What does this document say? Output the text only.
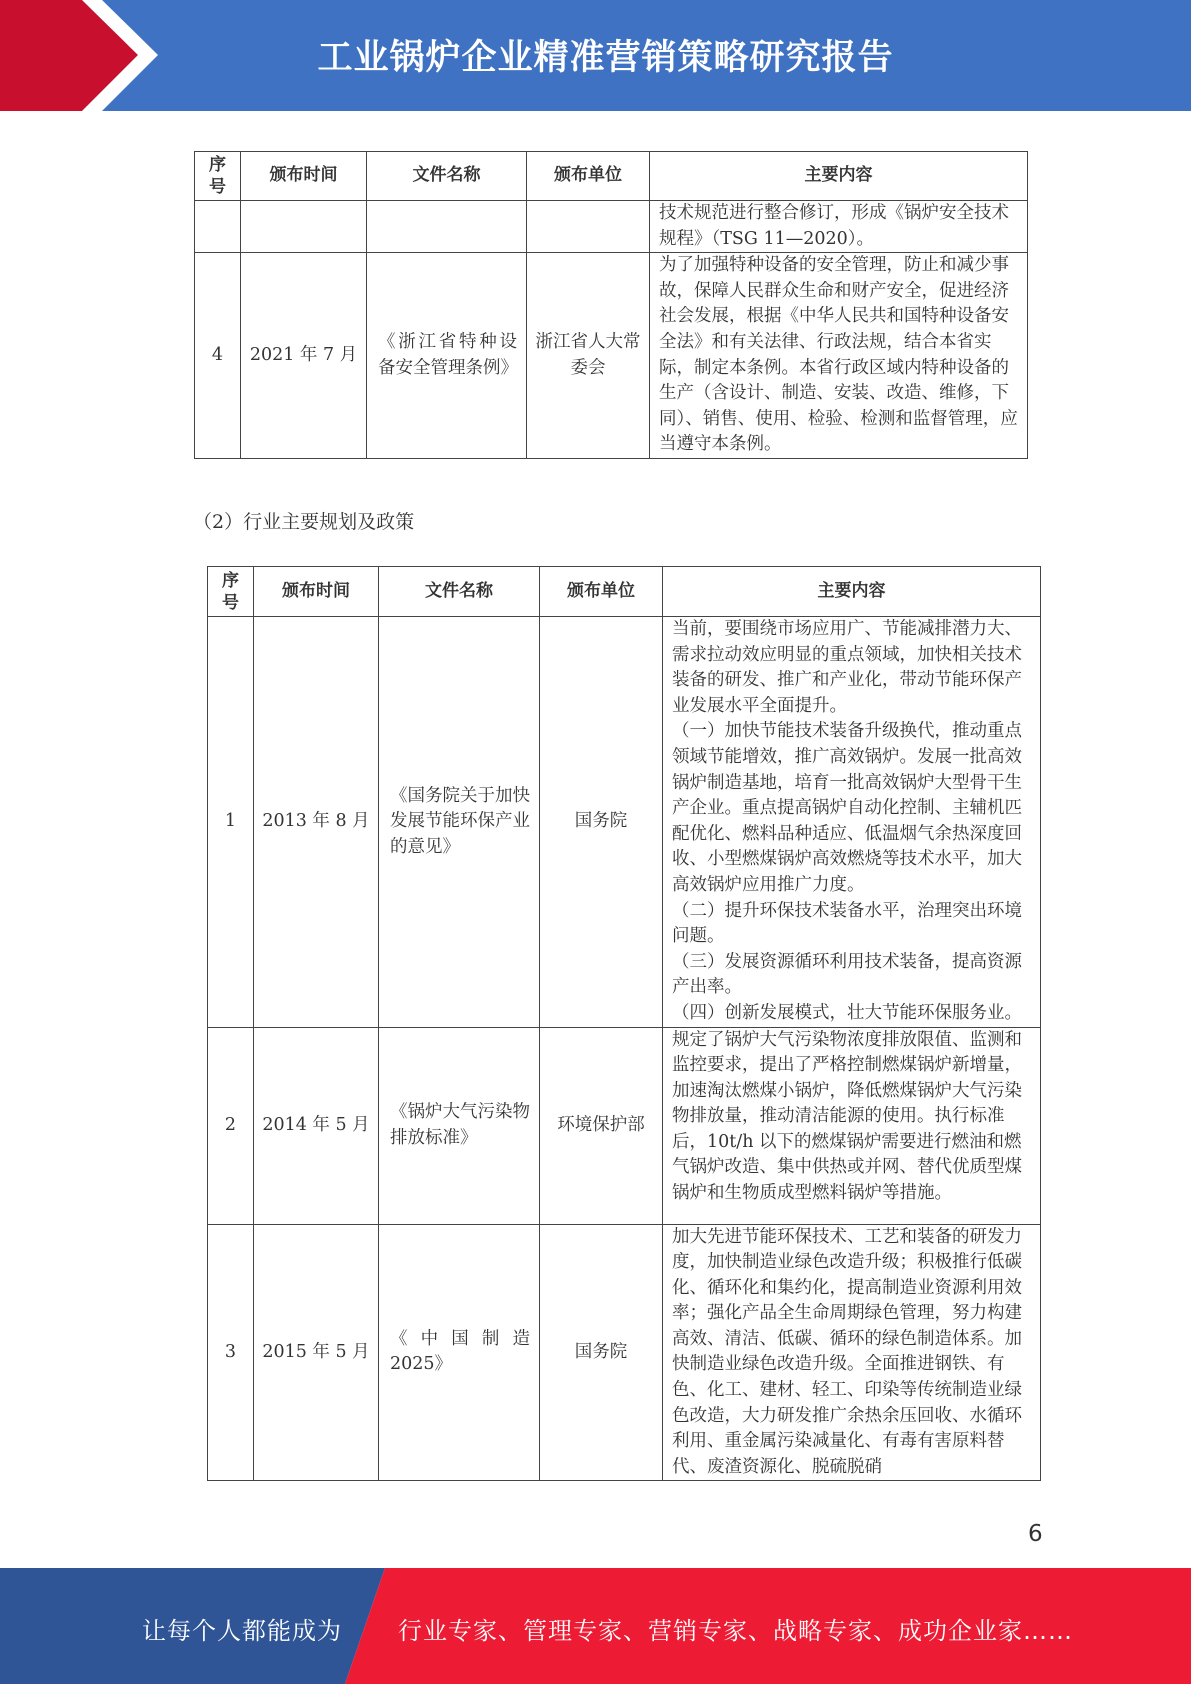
工业锅炉企业精准营销策略研究报告
序
号	颁布时间	文件名称	颁布单位	主要内容
				技术规范进行整合修订，形成《锅炉安全技术规程》（TSG 11—2020）。
4	2021 年 7 月	《浙江省特种设备安全管理条例》	浙江省人大常委会	为了加强特种设备的安全管理，防止和减少事故，保障人民群众生命和财产安全，促进经济社会发展，根据《中华人民共和国特种设备安全法》和有关法律、行政法规，结合本省实际，制定本条例。本省行政区域内特种设备的生产（含设计、制造、安装、改造、维修，下同）、销售、使用、检验、检测和监督管理，应当遵守本条例。
（2）行业主要规划及政策
序
号	颁布时间	文件名称	颁布单位	主要内容
1	2013 年 8 月	《国务院关于加快发展节能环保产业的意见》	国务院	当前，要围绕市场应用广、节能减排潜力大、需求拉动效应明显的重点领域，加快相关技术装备的研发、推广和产业化，带动节能环保产业发展水平全面提升。
（一）加快节能技术装备升级换代，推动重点领域节能增效，推广高效锅炉。发展一批高效锅炉制造基地，培育一批高效锅炉大型骨干生产企业。重点提高锅炉自动化控制、主辅机匹配优化、燃料品种适应、低温烟气余热深度回收、小型燃煤锅炉高效燃烧等技术水平，加大高效锅炉应用推广力度。
（二）提升环保技术装备水平，治理突出环境问题。
（三）发展资源循环利用技术装备，提高资源产出率。
（四）创新发展模式，壮大节能环保服务业。
2	2014 年 5 月	《锅炉大气污染物排放标准》	环境保护部	规定了锅炉大气污染物浓度排放限值、监测和监控要求，提出了严格控制燃煤锅炉新增量，加速淘汰燃煤小锅炉，降低燃煤锅炉大气污染物排放量，推动清洁能源的使用。执行标准后，10t/h 以下的燃煤锅炉需要进行燃油和燃气锅炉改造、集中供热或并网、替代优质型煤锅炉和生物质成型燃料锅炉等措施。
3	2015 年 5 月	《中国制造2025》	国务院	加大先进节能环保技术、工艺和装备的研发力度，加快制造业绿色改造升级；积极推行低碳化、循环化和集约化，提高制造业资源利用效率；强化产品全生命周期绿色管理，努力构建高效、清洁、低碳、循环的绿色制造体系。加快制造业绿色改造升级。全面推进钢铁、有色、化工、建材、轻工、印染等传统制造业绿色改造，大力研发推广余热余压回收、水循环利用、重金属污染减量化、有毒有害原料替代、废渣资源化、脱硫脱硝
6
让每个人都能成为 行业专家、管理专家、营销专家、战略专家、成功企业家……
